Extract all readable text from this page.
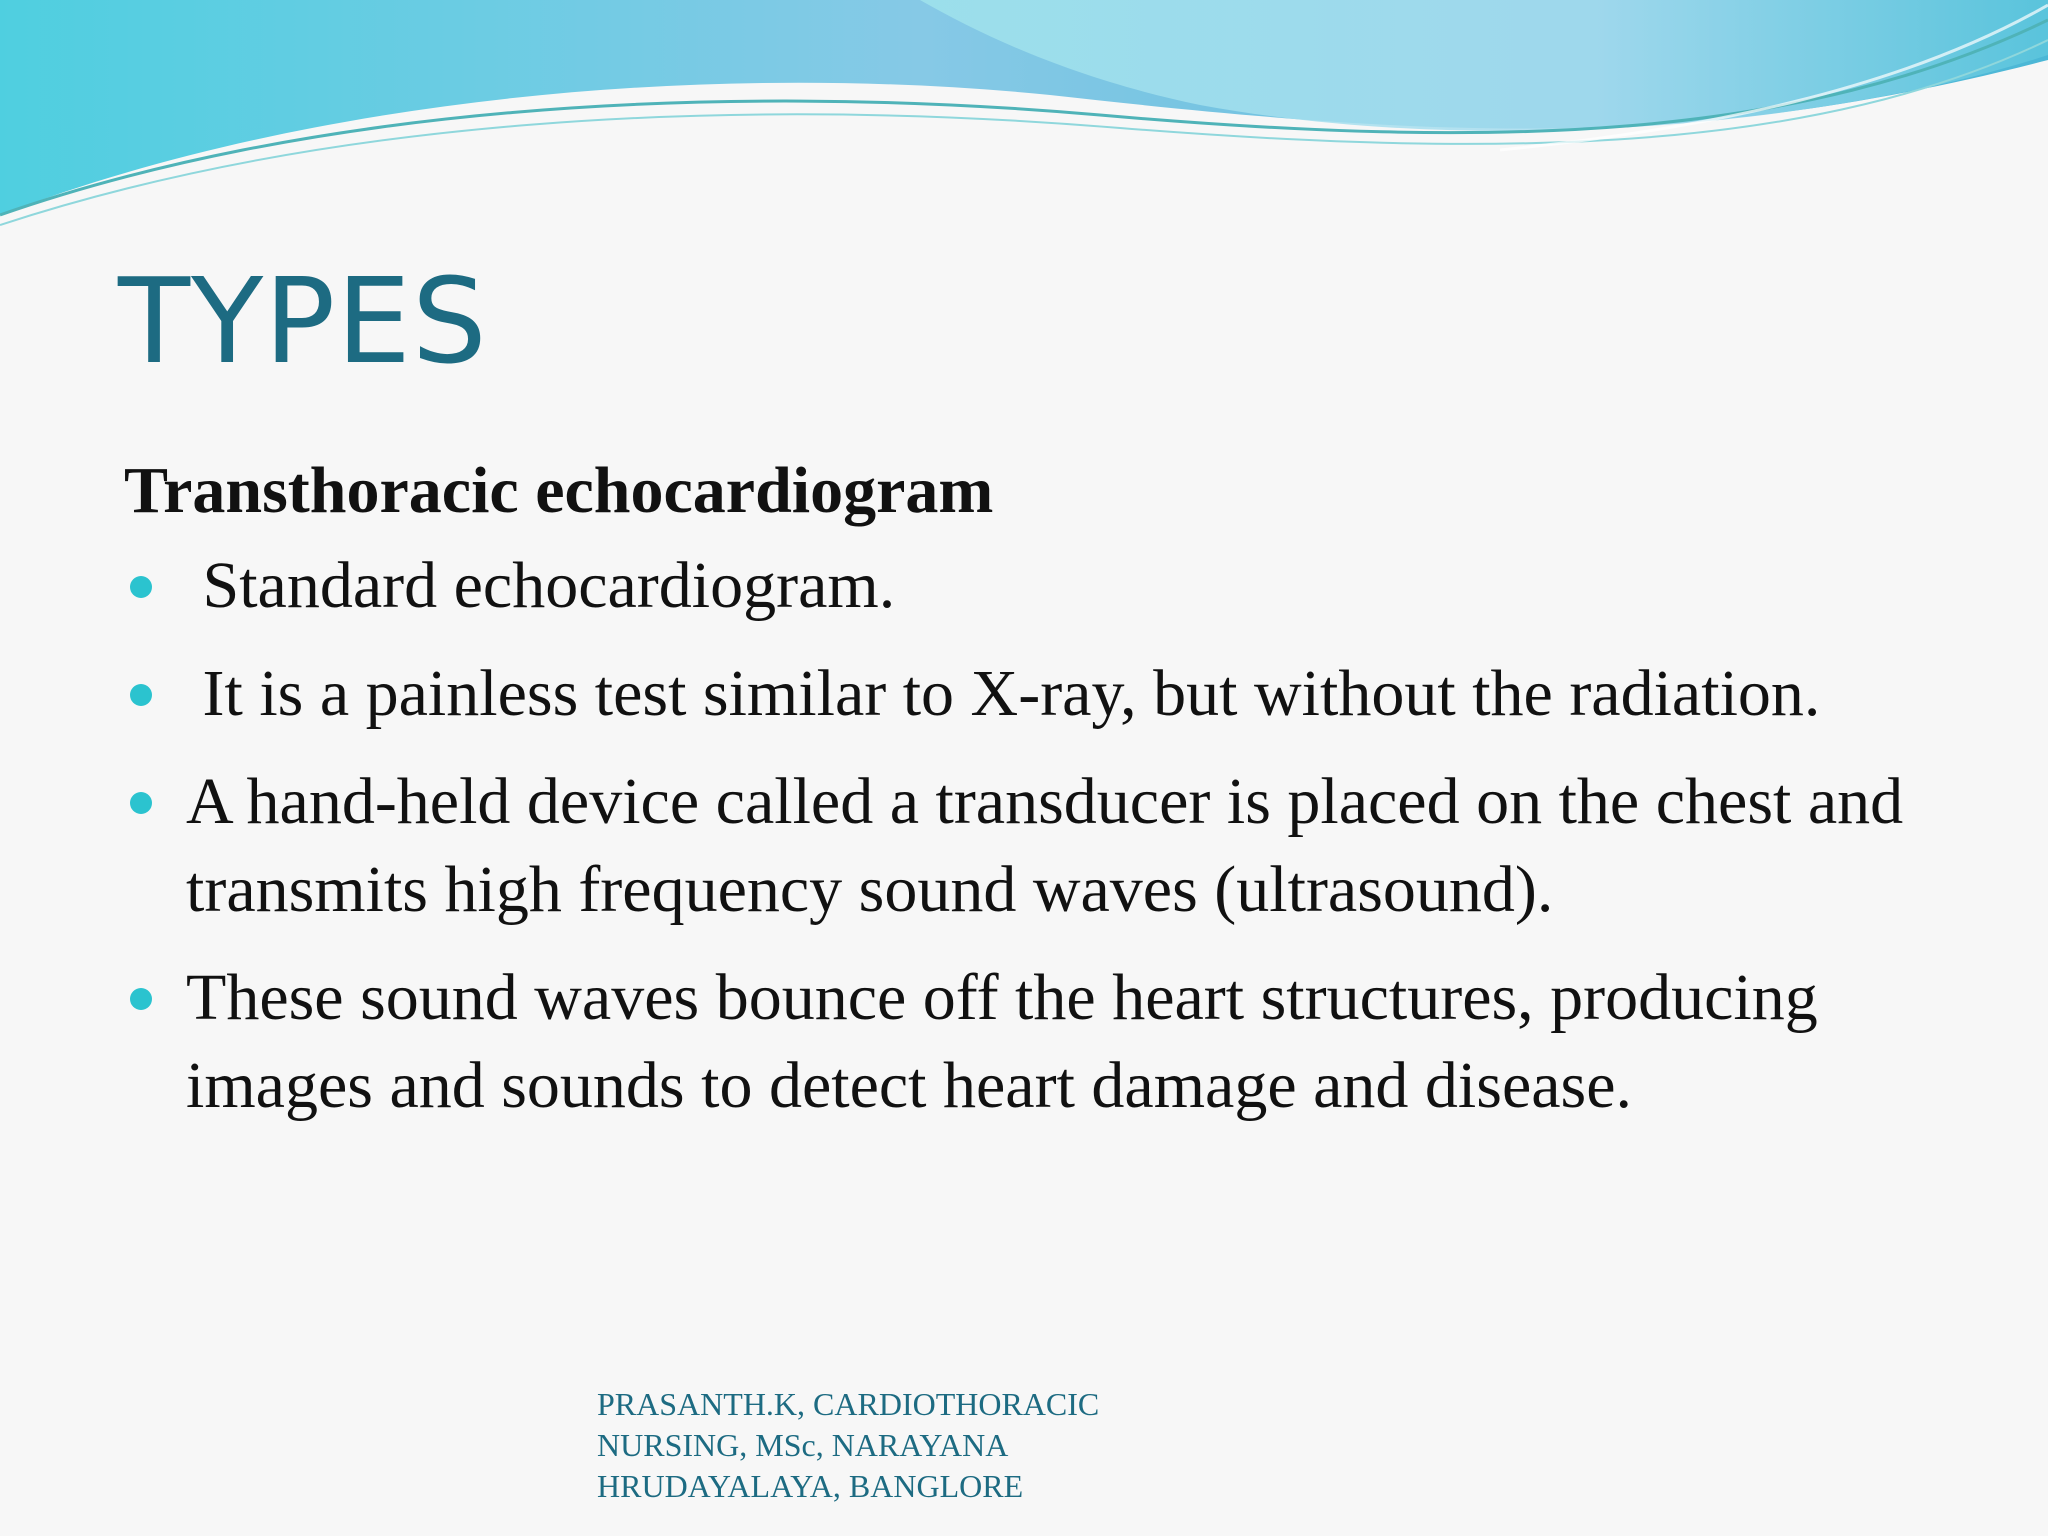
TYPES
Transthoracic echocardiogram
Standard echocardiogram.
It is a painless test similar to X-ray, but without the radiation.
A hand-held device called a transducer is placed on the chest and transmits high frequency sound waves (ultrasound).
These sound waves bounce off the heart structures, producing images and sounds to detect heart damage and disease.
PRASANTH.K, CARDIOTHORACIC
NURSING, MSc, NARAYANA
HRUDAYALAYA, BANGLORE
